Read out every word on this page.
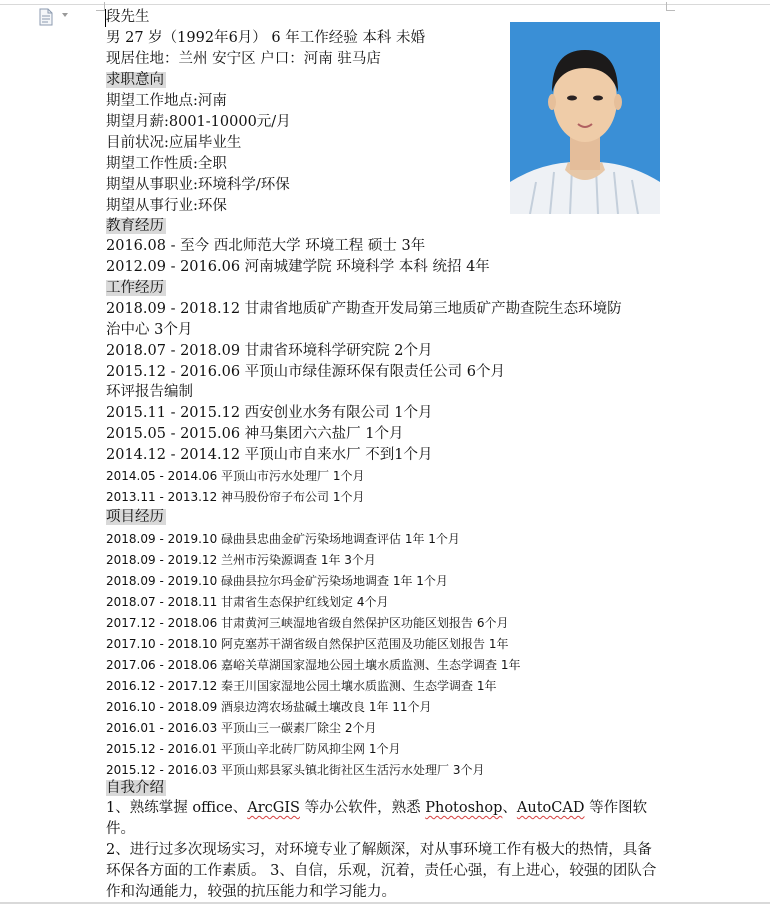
段先生
男 27 岁（1992年6月） 6 年工作经验 本科 未婚
现居住地：兰州 安宁区 户口：河南 驻马店
求职意向
期望工作地点:河南
期望月薪:8001-10000元/月
目前状况:应届毕业生
期望工作性质:全职
期望从事职业:环境科学/环保
期望从事行业:环保
教育经历
2016.08 - 至今 西北师范大学 环境工程 硕士 3年
2012.09 - 2016.06 河南城建学院 环境科学 本科 统招 4年
工作经历
2018.09 - 2018.12 甘肃省地质矿产勘查开发局第三地质矿产勘查院生态环境防
治中心 3个月
2018.07 - 2018.09 甘肃省环境科学研究院 2个月
2015.12 - 2016.06 平顶山市绿佳源环保有限责任公司 6个月
环评报告编制
2015.11 - 2015.12 西安创业水务有限公司 1个月
2015.05 - 2015.06 神马集团六六盐厂 1个月
2014.12 - 2014.12 平顶山市自来水厂 不到1个月
2014.05 - 2014.06 平顶山市污水处理厂 1个月
2013.11 - 2013.12 神马股份帘子布公司 1个月
项目经历
2018.09 - 2019.10 碌曲县忠曲金矿污染场地调查评估 1年 1个月
2018.09 - 2019.12 兰州市污染源调查 1年 3个月
2018.09 - 2019.10 碌曲县拉尔玛金矿污染场地调查 1年 1个月
2018.07 - 2018.11 甘肃省生态保护红线划定 4个月
2017.12 - 2018.06 甘肃黄河三峡湿地省级自然保护区功能区划报告 6个月
2017.10 - 2018.10 阿克塞苏干湖省级自然保护区范围及功能区划报告 1年
2017.06 - 2018.06 嘉峪关草湖国家湿地公园土壤水质监测、生态学调查 1年
2016.12 - 2017.12 秦王川国家湿地公园土壤水质监测、生态学调查 1年
2016.10 - 2018.09 酒泉边湾农场盐碱土壤改良 1年 11个月
2016.01 - 2016.03 平顶山三一碳素厂除尘 2个月
2015.12 - 2016.01 平顶山辛北砖厂防风抑尘网 1个月
2015.12 - 2016.03 平顶山郏县冢头镇北街社区生活污水处理厂 3个月
自我介绍
1、熟练掌握 office、ArcGIS 等办公软件，熟悉 Photoshop、AutoCAD 等作图软件。
2、进行过多次现场实习，对环境专业了解颇深，对从事环境工作有极大的热情，具备环保各方面的工作素质。 3、自信，乐观，沉着，责任心强，有上进心，较强的团队合作和沟通能力，较强的抗压能力和学习能力。
